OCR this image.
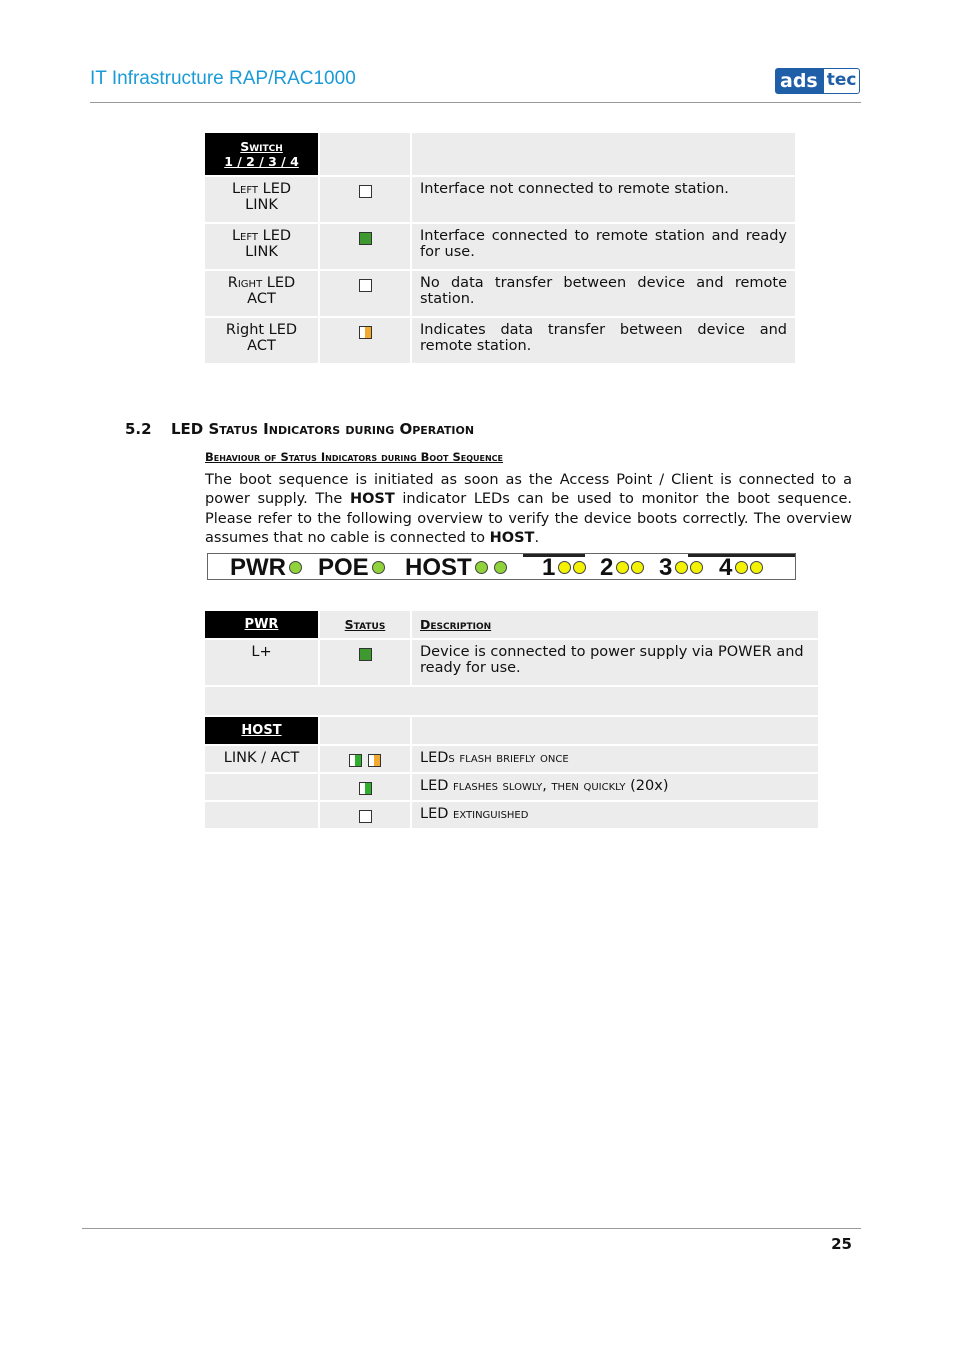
IT Infrastructure RAP/RAC1000	ads tec
Switch
1 / 2 / 3 / 4		
Left LED
LINK		Interface not connected to remote station.
Left LED
LINK		Interface connected to remote station and ready for use.
Right LED
ACT		No data transfer between device and remote station.
Right LED
ACT		Indicates data transfer between device and remote station.
5.2 LED Status Indicators during Operation
Behaviour of Status Indicators during Boot Sequence
The boot sequence is initiated as soon as the Access Point / Client is connected to a power supply. The HOST indicator LEDs can be used to monitor the boot sequence. Please refer to the following overview to verify the device boots correctly. The overview assumes that no cable is connected to HOST.
PWR POE HOST	1 2 3 4
PWR	Status	Description
L+		Device is connected to power supply via POWER and ready for use.

HOST		
LINK / ACT		LEDs flash briefly once
		LED flashes slowly, then quickly (20x)
		LED extinguished
25
